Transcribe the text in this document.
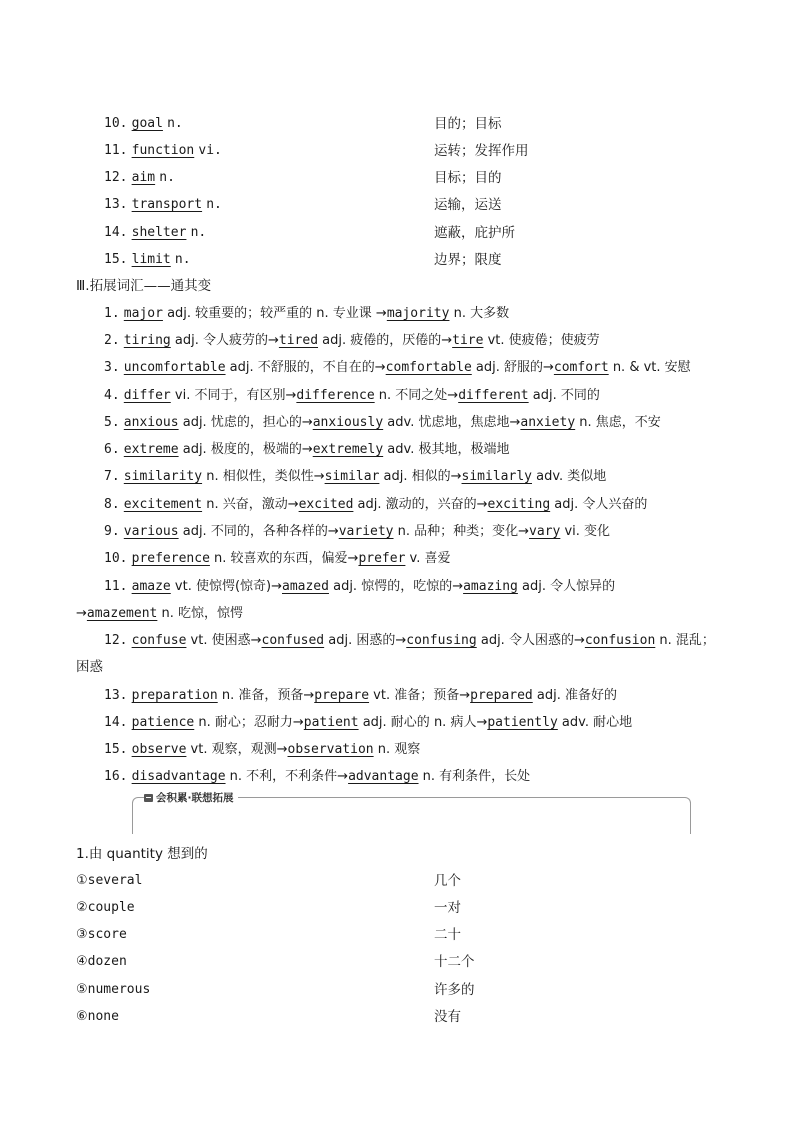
10. goal n.	目的；目标
11. function vi.	运转；发挥作用
12. aim n.	目标；目的
13. transport n.	运输，运送
14. shelter n.	遮蔽，庇护所
15. limit n.	边界；限度
Ⅲ.拓展词汇——通其变
1. major adj. 较重要的；较严重的 n. 专业课 →majority n. 大多数
2. tiring adj. 令人疲劳的→tired adj. 疲倦的，厌倦的→tire vt. 使疲倦；使疲劳
3. uncomfortable adj. 不舒服的，不自在的→comfortable adj. 舒服的→comfort n. & vt. 安慰
4. differ vi. 不同于，有区别→difference n. 不同之处→different adj. 不同的
5. anxious adj. 忧虑的，担心的→anxiously adv. 忧虑地，焦虑地→anxiety n. 焦虑，不安
6. extreme adj. 极度的，极端的→extremely adv. 极其地，极端地
7. similarity n. 相似性，类似性→similar adj. 相似的→similarly adv. 类似地
8. excitement n. 兴奋，激动→excited adj. 激动的，兴奋的→exciting adj. 令人兴奋的
9. various adj. 不同的，各种各样的→variety n. 品种；种类；变化→vary vi. 变化
10. preference n. 较喜欢的东西，偏爱→prefer v. 喜爱
11. amaze vt. 使惊愕(惊奇)→amazed adj. 惊愕的，吃惊的→amazing adj. 令人惊异的
→amazement n. 吃惊，惊愕
12. confuse vt. 使困惑→confused adj. 困惑的→confusing adj. 令人困惑的→confusion n. 混乱；
困惑
13. preparation n. 准备，预备→prepare vt. 准备；预备→prepared adj. 准备好的
14. patience n. 耐心；忍耐力→patient adj. 耐心的 n. 病人→patiently adv. 耐心地
15. observe vt. 观察，观测→observation n. 观察
16. disadvantage n. 不利，不利条件→advantage n. 有利条件，长处
会积累·联想拓展
1.由 quantity 想到的
①several	几个
②couple	一对
③score	二十
④dozen	十二个
⑤numerous	许多的
⑥none	没有
